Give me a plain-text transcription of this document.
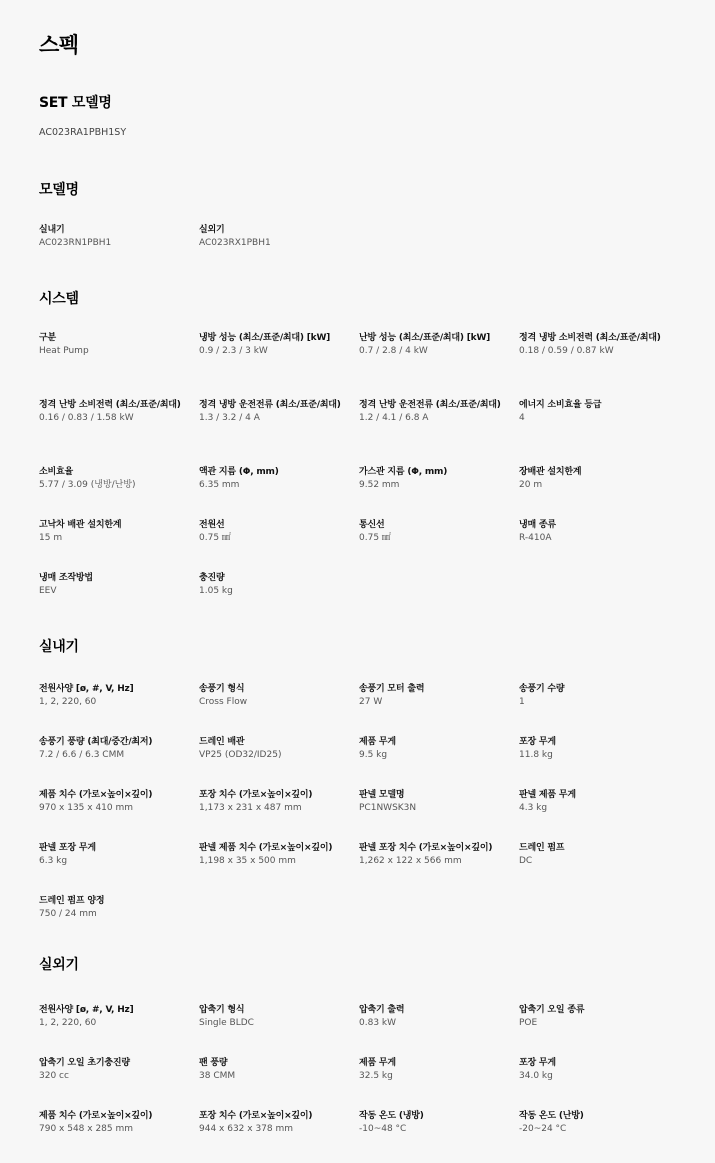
스펙
SET 모델명
AC023RA1PBH1SY
모델명
실내기
AC023RN1PBH1
실외기
AC023RX1PBH1
시스템
구분
Heat Pump
냉방 성능 (최소/표준/최대) [kW]
0.9 / 2.3 / 3 kW
난방 성능 (최소/표준/최대) [kW]
0.7 / 2.8 / 4 kW
정격 냉방 소비전력 (최소/표준/최대)
0.18 / 0.59 / 0.87 kW
정격 난방 소비전력 (최소/표준/최대)
0.16 / 0.83 / 1.58 kW
정격 냉방 운전전류 (최소/표준/최대)
1.3 / 3.2 / 4 A
정격 난방 운전전류 (최소/표준/최대)
1.2 / 4.1 / 6.8 A
에너지 소비효율 등급
4
소비효율
5.77 / 3.09 (냉방/난방)
액관 지름 (Φ, mm)
6.35 mm
가스관 지름 (Φ, mm)
9.52 mm
장배관 설치한계
20 m
고낙차 배관 설치한계
15 m
전원선
0.75 ㎟
통신선
0.75 ㎟
냉매 종류
R-410A
냉매 조작방법
EEV
충진량
1.05 kg
실내기
전원사양 [ø, #, V, Hz]
1, 2, 220, 60
송풍기 형식
Cross Flow
송풍기 모터 출력
27 W
송풍기 수량
1
송풍기 풍량 (최대/중간/최저)
7.2 / 6.6 / 6.3 CMM
드레인 배관
VP25 (OD32/ID25)
제품 무게
9.5 kg
포장 무게
11.8 kg
제품 치수 (가로×높이×깊이)
970 x 135 x 410 mm
포장 치수 (가로×높이×깊이)
1,173 x 231 x 487 mm
판넬 모델명
PC1NWSK3N
판넬 제품 무게
4.3 kg
판넬 포장 무게
6.3 kg
판넬 제품 치수 (가로×높이×깊이)
1,198 x 35 x 500 mm
판넬 포장 치수 (가로×높이×깊이)
1,262 x 122 x 566 mm
드레인 펌프
DC
드레인 펌프 양정
750 / 24 mm
실외기
전원사양 [ø, #, V, Hz]
1, 2, 220, 60
압축기 형식
Single BLDC
압축기 출력
0.83 kW
압축기 오일 종류
POE
압축기 오일 초기충진량
320 cc
팬 풍량
38 CMM
제품 무게
32.5 kg
포장 무게
34.0 kg
제품 치수 (가로×높이×깊이)
790 x 548 x 285 mm
포장 치수 (가로×높이×깊이)
944 x 632 x 378 mm
작동 온도 (냉방)
-10~48 °C
작동 온도 (난방)
-20~24 °C
